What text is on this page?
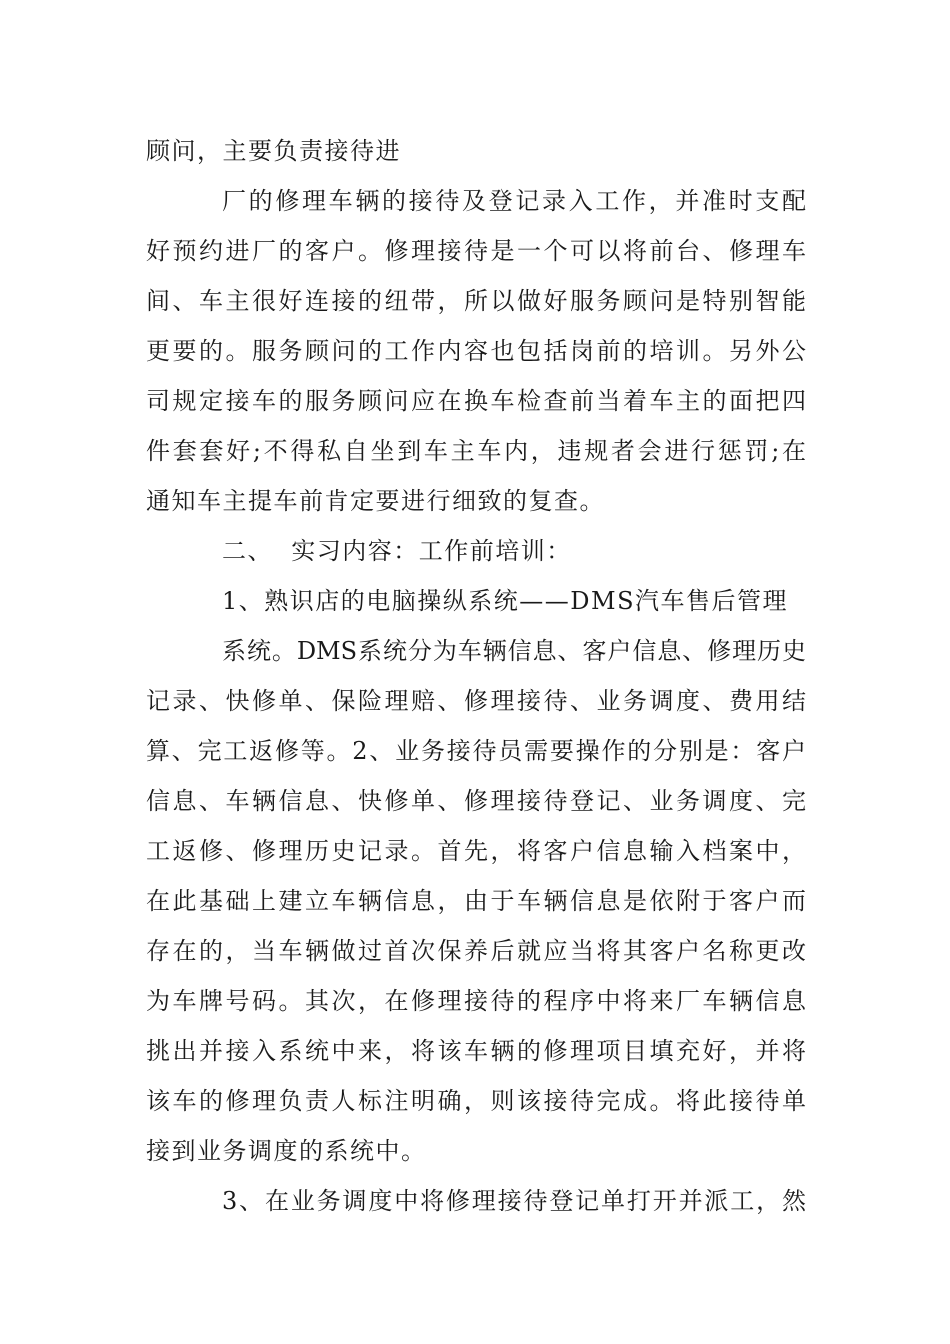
顾问，主要负责接待进
厂的修理车辆的接待及登记录入工作，并准时支配
好预约进厂的客户。修理接待是一个可以将前台、修理车
间、车主很好连接的纽带，所以做好服务顾问是特别智能
更要的。服务顾问的工作内容也包括岗前的培训。另外公
司规定接车的服务顾问应在换车检查前当着车主的面把四
件套套好;不得私自坐到车主车内，违规者会进行惩罚;在
通知车主提车前肯定要进行细致的复查。
二、  实习内容：工作前培训：
1、熟识店的电脑操纵系统——DMS汽车售后管理
系统。DMS系统分为车辆信息、客户信息、修理历史
记录、快修单、保险理赔、修理接待、业务调度、费用结
算、完工返修等。2、业务接待员需要操作的分别是：客户
信息、车辆信息、快修单、修理接待登记、业务调度、完
工返修、修理历史记录。首先，将客户信息输入档案中，
在此基础上建立车辆信息，由于车辆信息是依附于客户而
存在的，当车辆做过首次保养后就应当将其客户名称更改
为车牌号码。其次，在修理接待的程序中将来厂车辆信息
挑出并接入系统中来，将该车辆的修理项目填充好，并将
该车的修理负责人标注明确，则该接待完成。将此接待单
接到业务调度的系统中。
3、在业务调度中将修理接待登记单打开并派工，然
